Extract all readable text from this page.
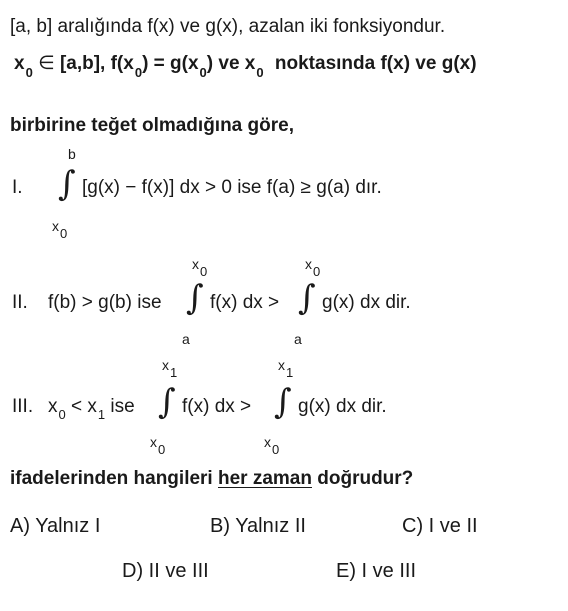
[a, b] aralığında f(x) ve g(x), azalan iki fonksiyondur.
$x_0$ ∈ [a,b], $f(x_0) = g(x_0)$ ve $x_0$ noktasında f(x) ve g(x)
birbirine teğet olmadığına göre,
I.
b
∫
x0
[g(x) − f(x)] dx > 0 ise f(a) ≥ g(a) dır.
II. f(b) > g(b) ise
x0
∫
a
f(x) dx >
x0
∫
a
g(x) dx dir.
III. $x_0 < x_1$ ise
x1
∫
x0
f(x) dx >
x1
∫
x0
g(x) dx dir.
ifadelerinden hangileri her zaman doğrudur?
A) Yalnız I	B) Yalnız II	C) I ve II
D) II ve III	E) I ve III
